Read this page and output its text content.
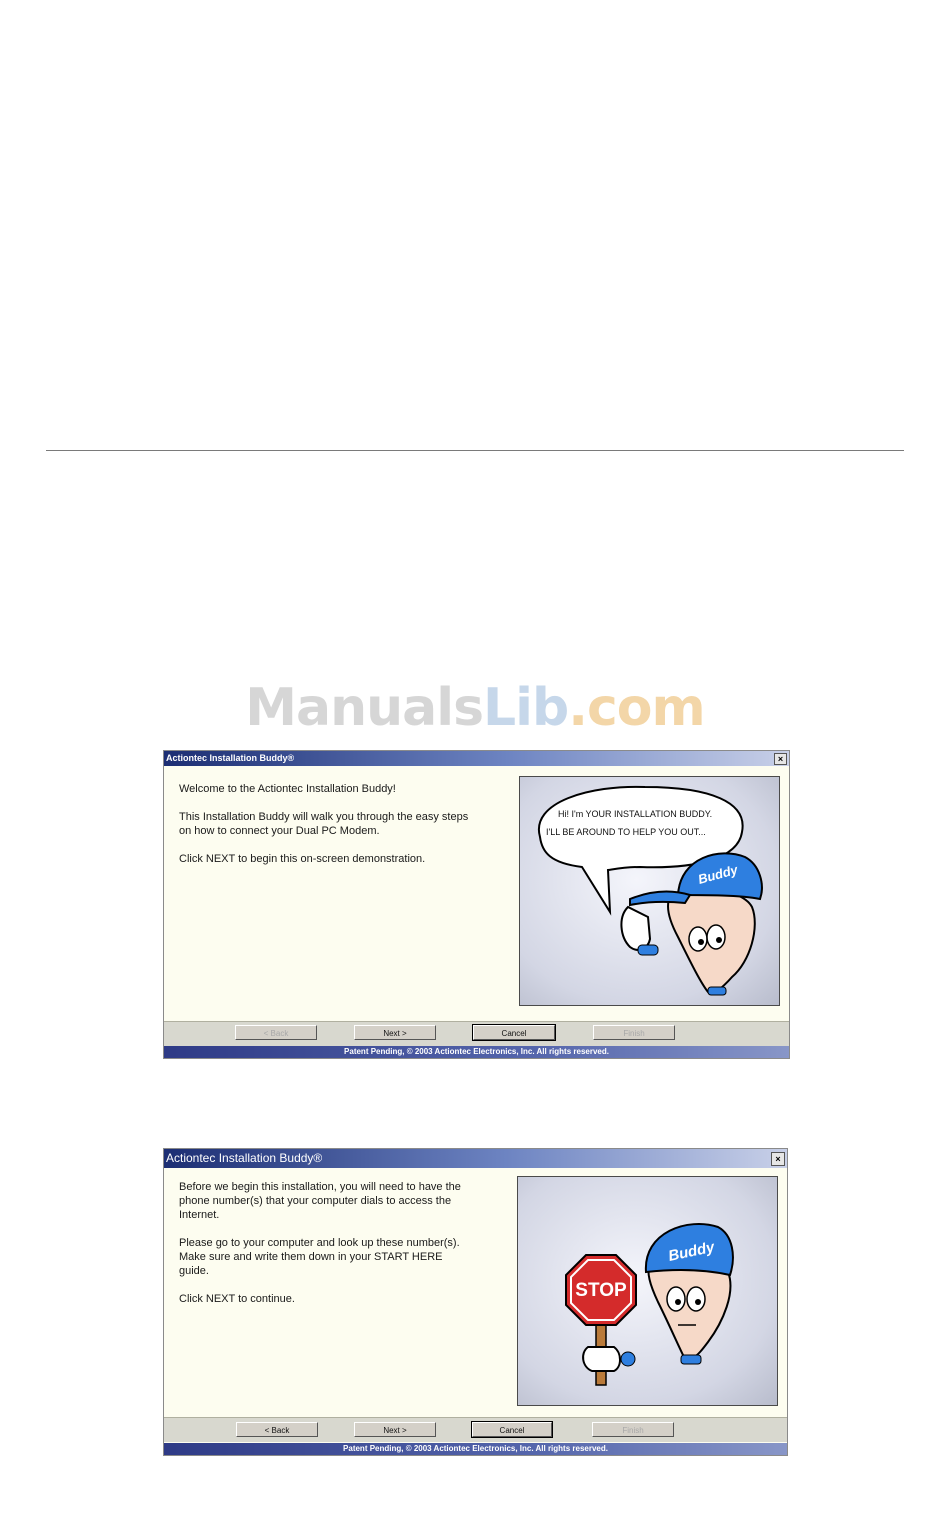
ManualsLib.com
Actiontec Installation Buddy®	×

Welcome to the Actiontec Installation Buddy!

This Installation Buddy will walk you through the easy steps
on how to connect your Dual PC Modem.

Click NEXT to begin this on-screen demonstration.

Hi! I'm YOUR INSTALLATION BUDDY.
I'LL BE AROUND TO HELP YOU OUT...
Buddy
< Back	Next >	Cancel	Finish
Patent Pending, © 2003 Actiontec Electronics, Inc. All rights reserved.
Actiontec Installation Buddy®	×

Before we begin this installation, you will need to have the
phone number(s) that your computer dials to access the
Internet.

Please go to your computer and look up these number(s).
Make sure and write them down in your START HERE
guide.

Click NEXT to continue.	STOP
Buddy
< Back	Next >	Cancel	Finish
Patent Pending, © 2003 Actiontec Electronics, Inc. All rights reserved.
